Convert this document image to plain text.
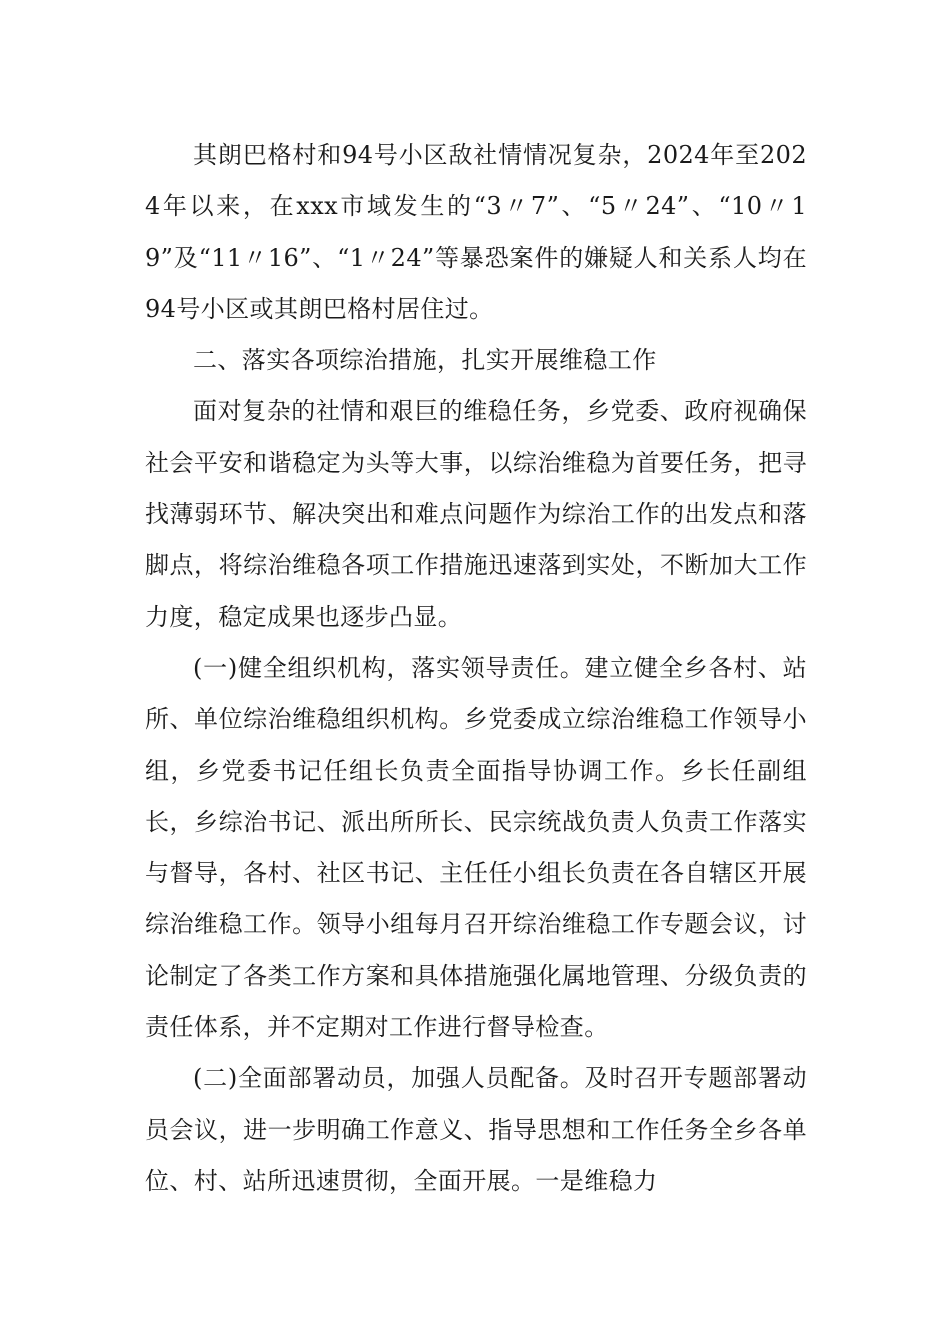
其朗巴格村和94号小区敌社情情况复杂，2024年至2024年以来，在xxx市域发生的“3〃7”、“5〃24”、“10〃19”及“11〃16”、“1〃24”等暴恐案件的嫌疑人和关系人均在94号小区或其朗巴格村居住过。

二、落实各项综治措施，扎实开展维稳工作

面对复杂的社情和艰巨的维稳任务，乡党委、政府视确保社会平安和谐稳定为头等大事，以综治维稳为首要任务，把寻找薄弱环节、解决突出和难点问题作为综治工作的出发点和落脚点，将综治维稳各项工作措施迅速落到实处，不断加大工作力度，稳定成果也逐步凸显。

(一)健全组织机构，落实领导责任。建立健全乡各村、站所、单位综治维稳组织机构。乡党委成立综治维稳工作领导小组，乡党委书记任组长负责全面指导协调工作。乡长任副组长，乡综治书记、派出所所长、民宗统战负责人负责工作落实与督导，各村、社区书记、主任任小组长负责在各自辖区开展综治维稳工作。领导小组每月召开综治维稳工作专题会议，讨论制定了各类工作方案和具体措施强化属地管理、分级负责的责任体系，并不定期对工作进行督导检查。

(二)全面部署动员，加强人员配备。及时召开专题部署动员会议，进一步明确工作意义、指导思想和工作任务全乡各单位、村、站所迅速贯彻，全面开展。一是维稳力
